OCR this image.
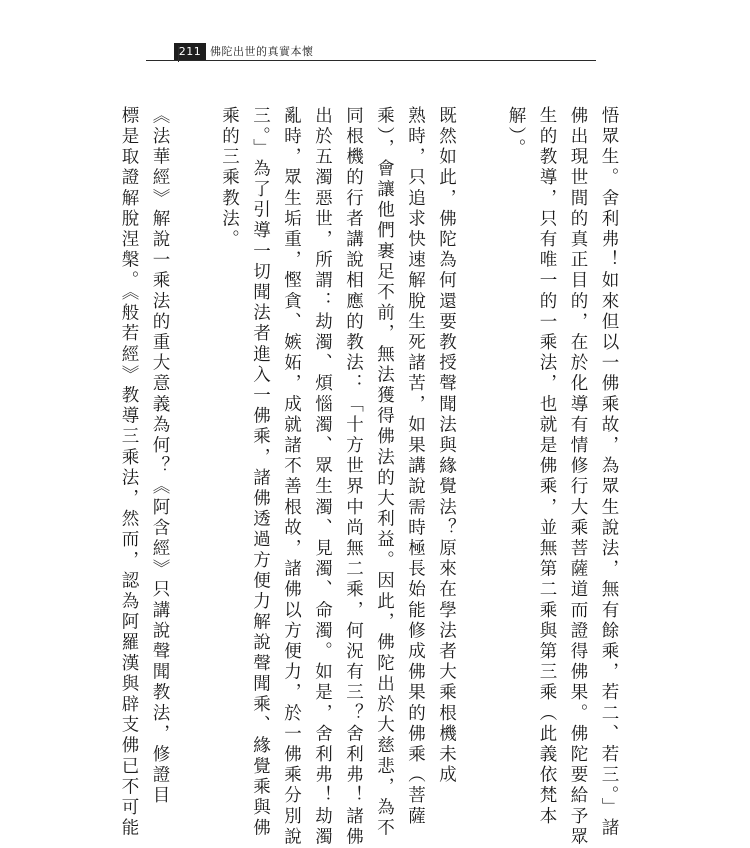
211 佛陀出世的真實本懷

悟眾生。舍利弗！如來但以一佛乘故，為眾生說法，無有餘乘，若二、若三。」諸

佛出現世間的真正目的，在於化導有情修行大乘菩薩道而證得佛果。佛陀要給予眾

生的教導，只有唯一的一乘法，也就是佛乘，並無第二乘與第三乘（此義依梵本

解）。

既然如此，佛陀為何還要教授聲聞法與緣覺法？原來在學法者大乘根機未成

熟時，只追求快速解脫生死諸苦，如果講說需時極長始能修成佛果的佛乘（菩薩

乘），會讓他們裹足不前，無法獲得佛法的大利益。因此，佛陀出於大慈悲，為不

同根機的行者講說相應的教法：「十方世界中尚無二乘，何況有三？舍利弗！諸佛

出於五濁惡世，所謂：劫濁、煩惱濁、眾生濁、見濁、命濁。如是，舍利弗！劫濁

亂時，眾生垢重，慳貪、嫉妬，成就諸不善根故，諸佛以方便力，於一佛乘分別說

三。」為了引導一切聞法者進入一佛乘，諸佛透過方便力解說聲聞乘、緣覺乘與佛

乘的三乘教法。

《法華經》解說一乘法的重大意義為何？《阿含經》只講說聲聞教法，修證目

標是取證解脫涅槃。《般若經》教導三乘法，然而，認為阿羅漢與辟支佛已不可能
